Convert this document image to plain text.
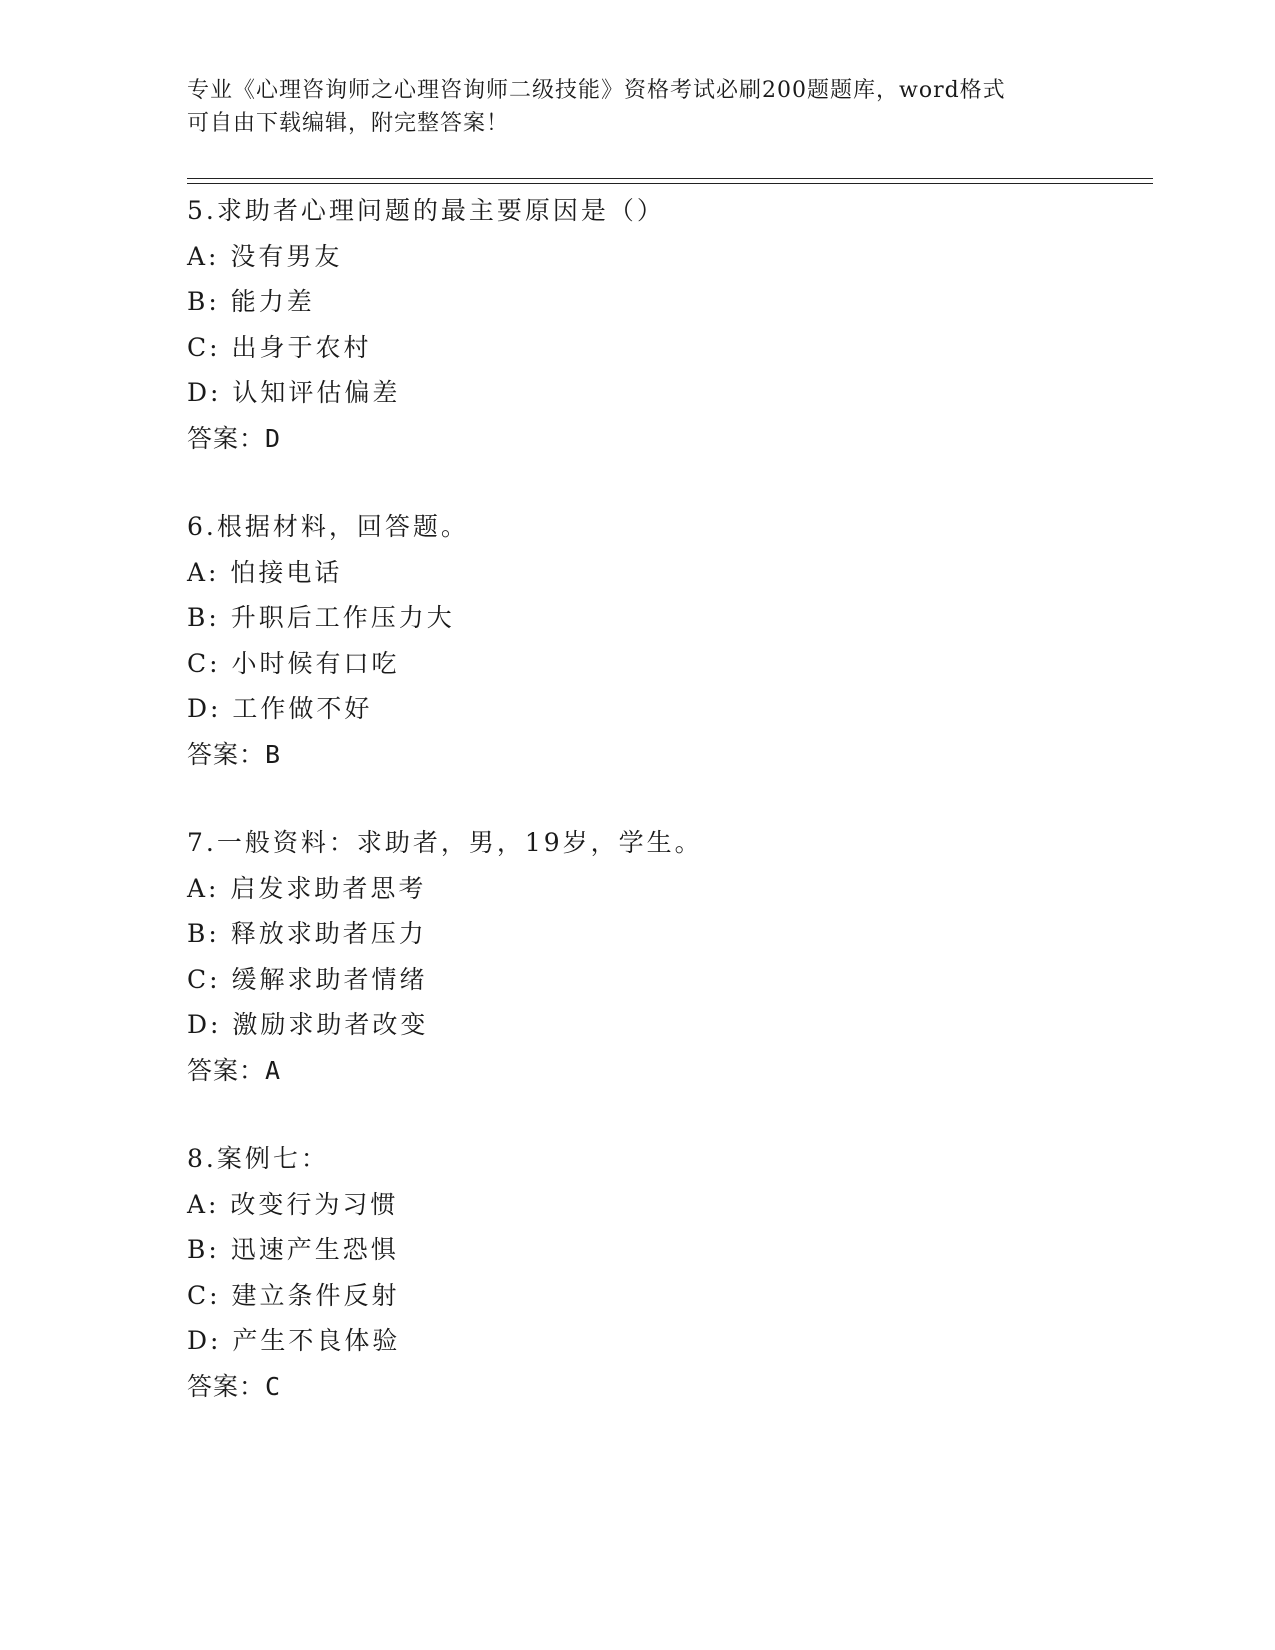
专业《心理咨询师之心理咨询师二级技能》资格考试必刷200题题库，word格式
可自由下载编辑，附完整答案！
5.求助者心理问题的最主要原因是（）
A: 没有男友
B: 能力差
C: 出身于农村
D: 认知评估偏差
答案：D
6.根据材料，回答题。
A: 怕接电话
B: 升职后工作压力大
C: 小时候有口吃
D: 工作做不好
答案：B
7.一般资料：求助者，男，19岁，学生。
A: 启发求助者思考
B: 释放求助者压力
C: 缓解求助者情绪
D: 激励求助者改变
答案：A
8.案例七：
A: 改变行为习惯
B: 迅速产生恐惧
C: 建立条件反射
D: 产生不良体验
答案：C
